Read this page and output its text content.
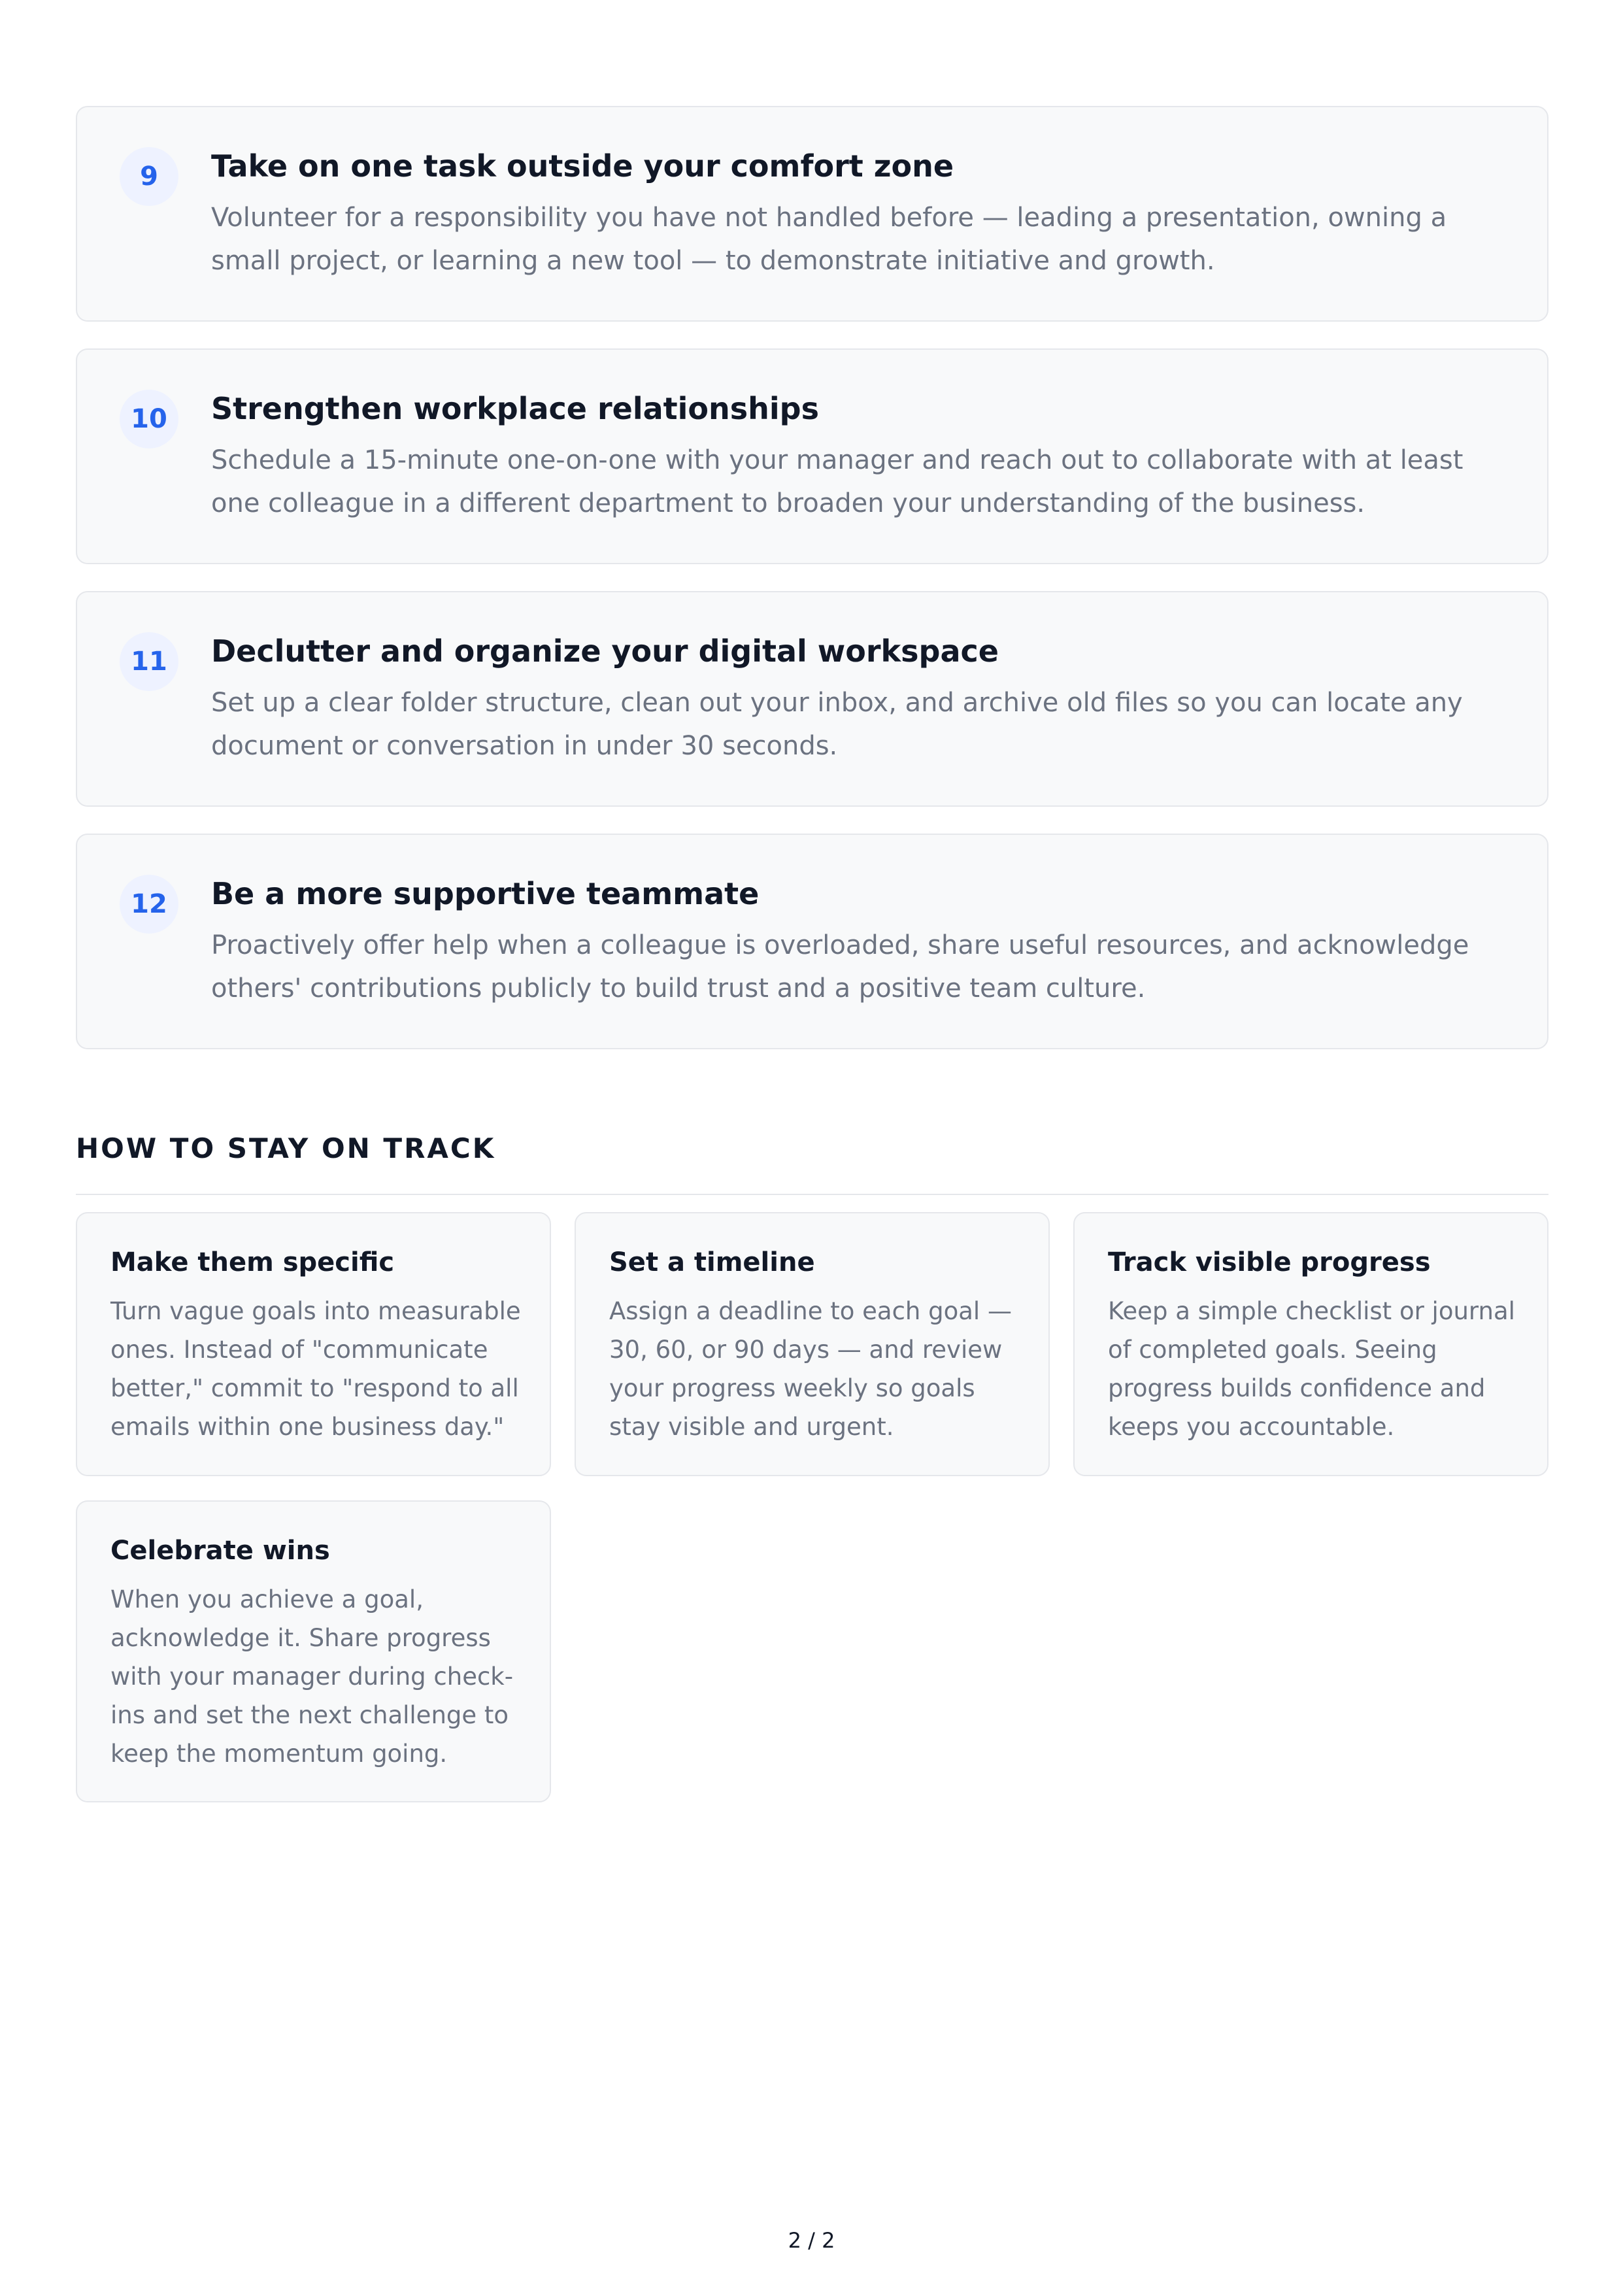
9	Take on one task outside your comfort zone
Volunteer for a responsibility you have not handled before — leading a presentation, owning a small project, or learning a new tool — to demonstrate initiative and growth.
10	Strengthen workplace relationships
Schedule a 15-minute one-on-one with your manager and reach out to collaborate with at least one colleague in a different department to broaden your understanding of the business.
11	Declutter and organize your digital workspace
Set up a clear folder structure, clean out your inbox, and archive old files so you can locate any document or conversation in under 30 seconds.
12	Be a more supportive teammate
Proactively offer help when a colleague is overloaded, share useful resources, and acknowledge others' contributions publicly to build trust and a positive team culture.
HOW TO STAY ON TRACK
Make them specific
Turn vague goals into measurable ones. Instead of "communicate better," commit to "respond to all emails within one business day."
Set a timeline
Assign a deadline to each goal — 30, 60, or 90 days — and review your progress weekly so goals stay visible and urgent.
Track visible progress
Keep a simple checklist or journal of completed goals. Seeing progress builds confidence and keeps you accountable.
Celebrate wins
When you achieve a goal, acknowledge it. Share progress with your manager during check-ins and set the next challenge to keep the momentum going.
2 / 2
